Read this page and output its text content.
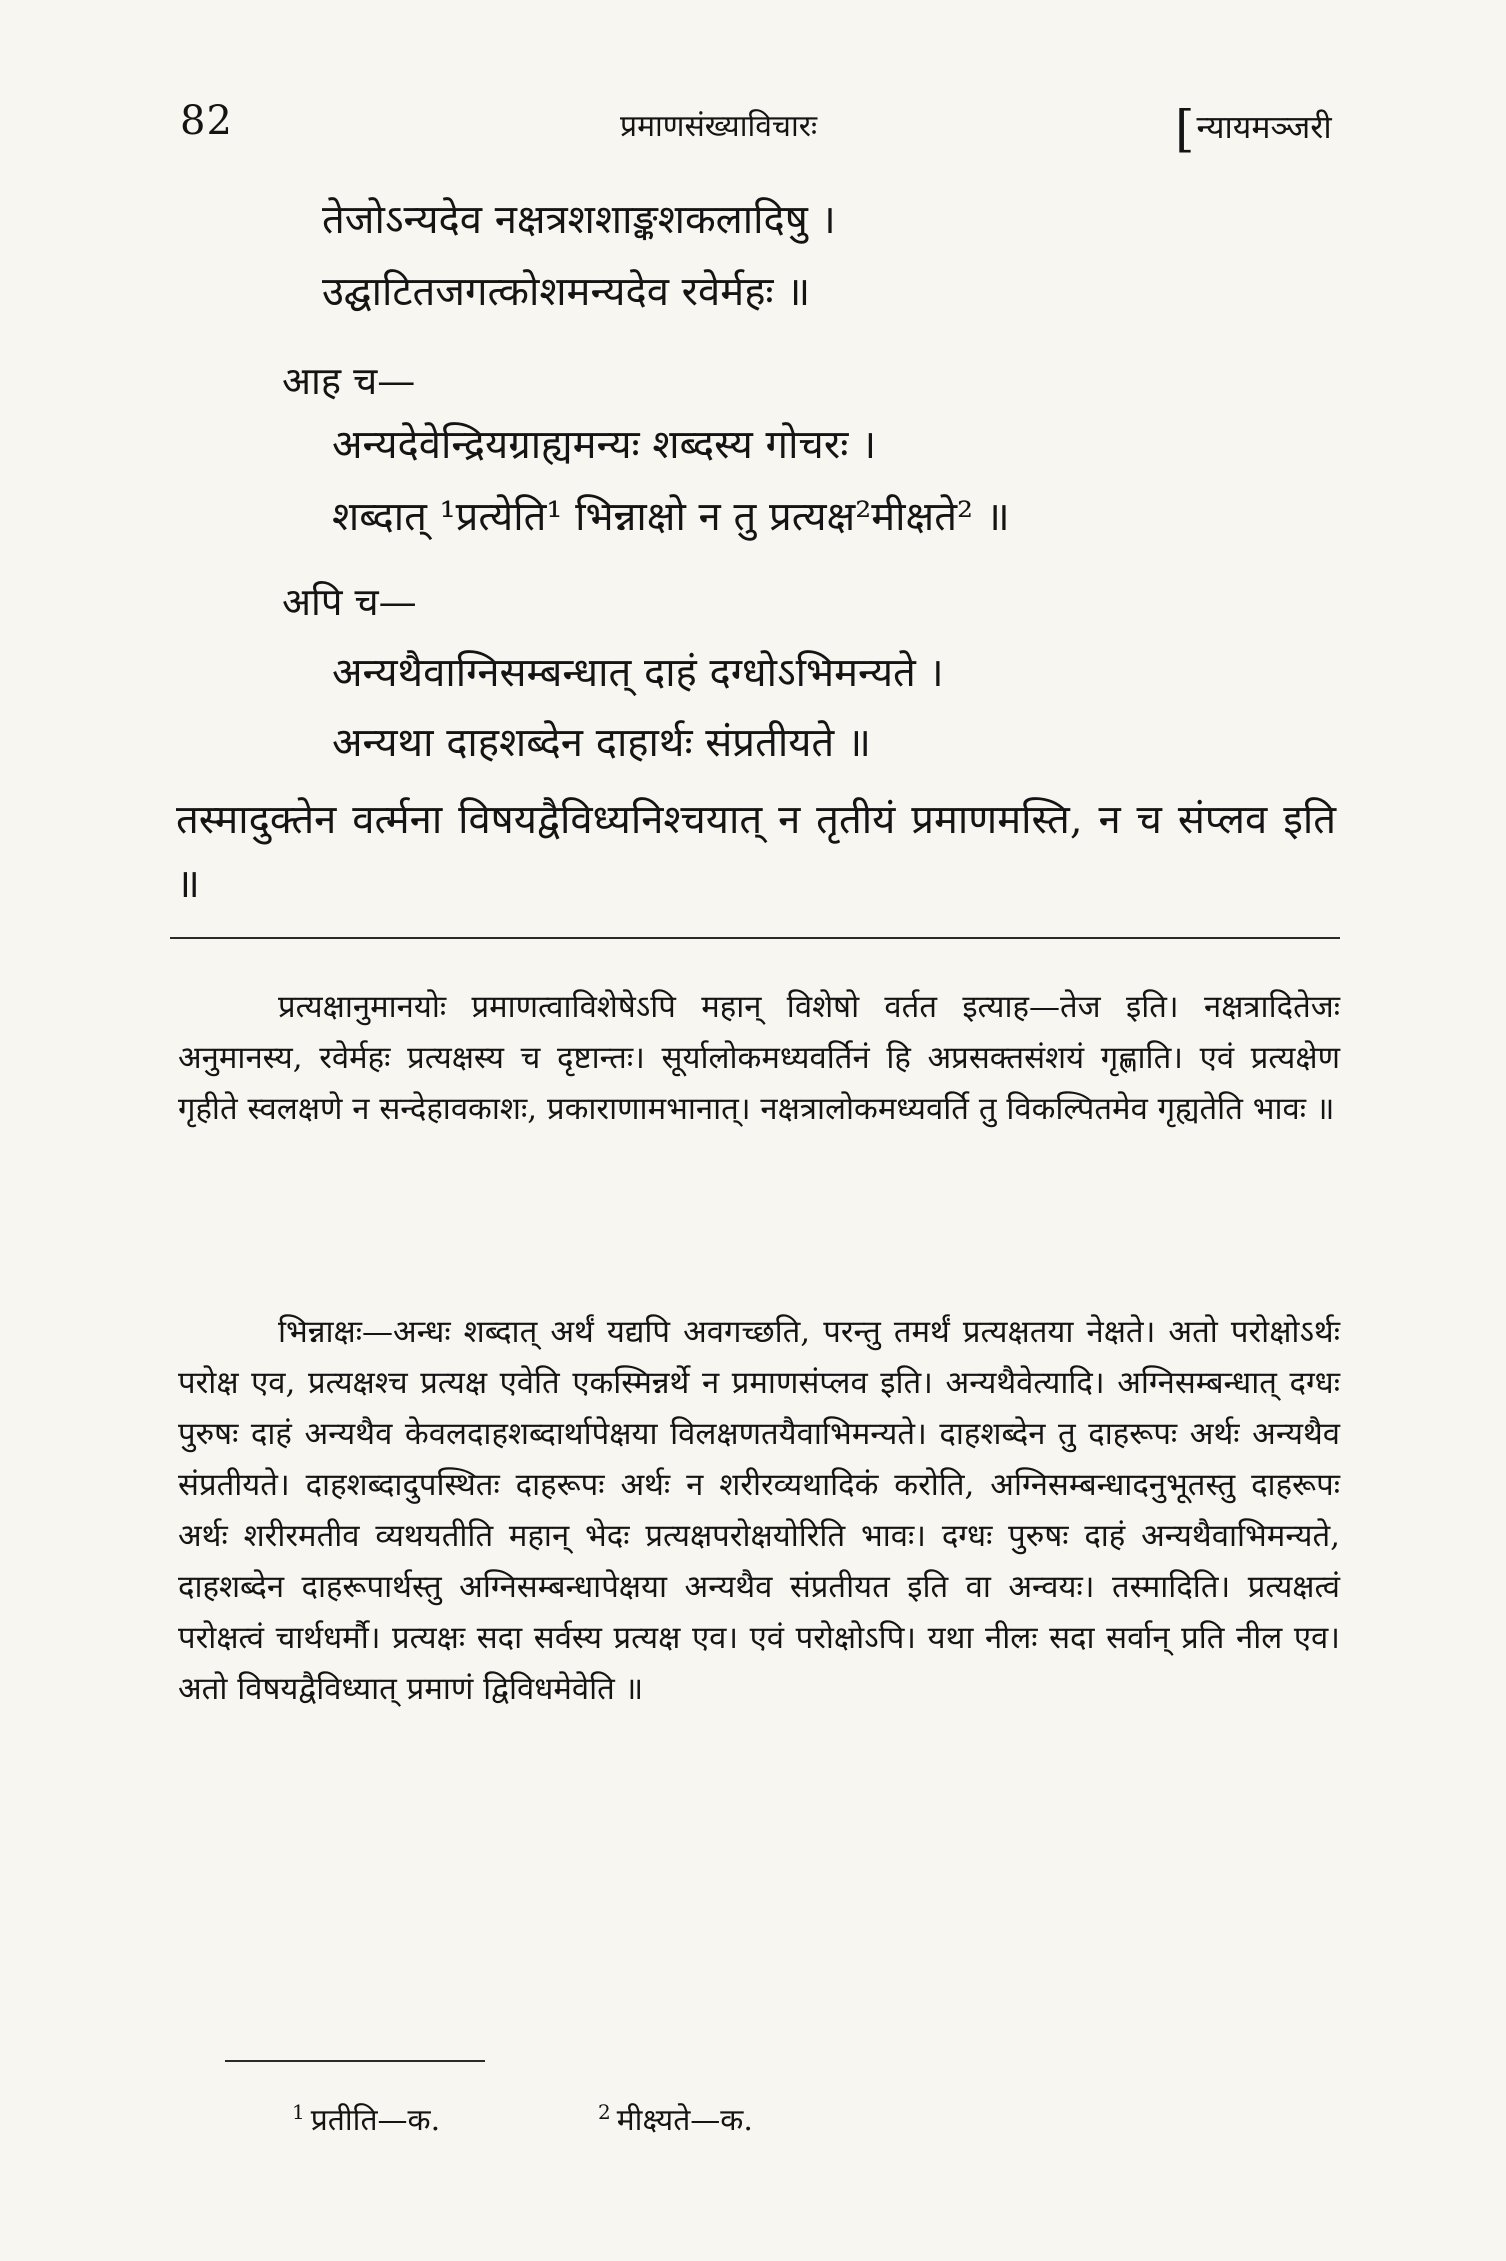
82	प्रमाणसंख्याविचारः	[न्यायमञ्जरी
तेजोऽन्यदेव नक्षत्रशशाङ्कशकलादिषु ।
उद्घाटितजगत्कोशमन्यदेव रवेर्महः ॥
आह च—
अन्यदेवेन्द्रियग्राह्यमन्यः शब्दस्य गोचरः ।
शब्दात् ¹प्रत्येति¹ भिन्नाक्षो न तु प्रत्यक्ष²मीक्षते² ॥
अपि च—
अन्यथैवाग्निसम्बन्धात् दाहं दग्धोऽभिमन्यते ।
अन्यथा दाहशब्देन दाहार्थः संप्रतीयते ॥

तस्मादुक्तेन वर्त्मना विषयद्वैविध्यनिश्चयात् न तृतीयं प्रमाणमस्ति, न च संप्लव इति ॥

प्रत्यक्षानुमानयोः प्रमाणत्वाविशेषेऽपि महान् विशेषो वर्तत इत्याह—तेज इति। नक्षत्रादितेजः अनुमानस्य, रवेर्महः प्रत्यक्षस्य च दृष्टान्तः। सूर्यालोकमध्यवर्तिनं हि अप्रसक्तसंशयं गृह्णाति। एवं प्रत्यक्षेण गृहीते स्वलक्षणे न सन्देहावकाशः, प्रकाराणामभानात्। नक्षत्रालोकमध्यवर्ति तु विकल्पितमेव गृह्यतेति भावः ॥

भिन्नाक्षः—अन्धः शब्दात् अर्थं यद्यपि अवगच्छति, परन्तु तमर्थं प्रत्यक्षतया नेक्षते। अतो परोक्षोऽर्थः परोक्ष एव, प्रत्यक्षश्च प्रत्यक्ष एवेति एकस्मिन्नर्थे न प्रमाणसंप्लव इति। अन्यथैवेत्यादि। अग्निसम्बन्धात् दग्धः पुरुषः दाहं अन्यथैव केवलदाहशब्दार्थापेक्षया विलक्षणतयैवाभिमन्यते। दाहशब्देन तु दाहरूपः अर्थः अन्यथैव संप्रतीयते। दाहशब्दादुपस्थितः दाहरूपः अर्थः न शरीरव्यथादिकं करोति, अग्निसम्बन्धादनुभूतस्तु दाहरूपः अर्थः शरीरमतीव व्यथयतीति महान् भेदः प्रत्यक्षपरोक्षयोरिति भावः। दग्धः पुरुषः दाहं अन्यथैवाभिमन्यते, दाहशब्देन दाहरूपार्थस्तु अग्निसम्बन्धापेक्षया अन्यथैव संप्रतीयत इति वा अन्वयः। तस्मादिति। प्रत्यक्षत्वं परोक्षत्वं चार्थधर्मौ। प्रत्यक्षः सदा सर्वस्य प्रत्यक्ष एव। एवं परोक्षोऽपि। यथा नीलः सदा सर्वान् प्रति नील एव। अतो विषयद्वैविध्यात् प्रमाणं द्विविधमेवेति ॥

$^1$ प्रतीति—क.	$^2$ मीक्ष्यते—क.
